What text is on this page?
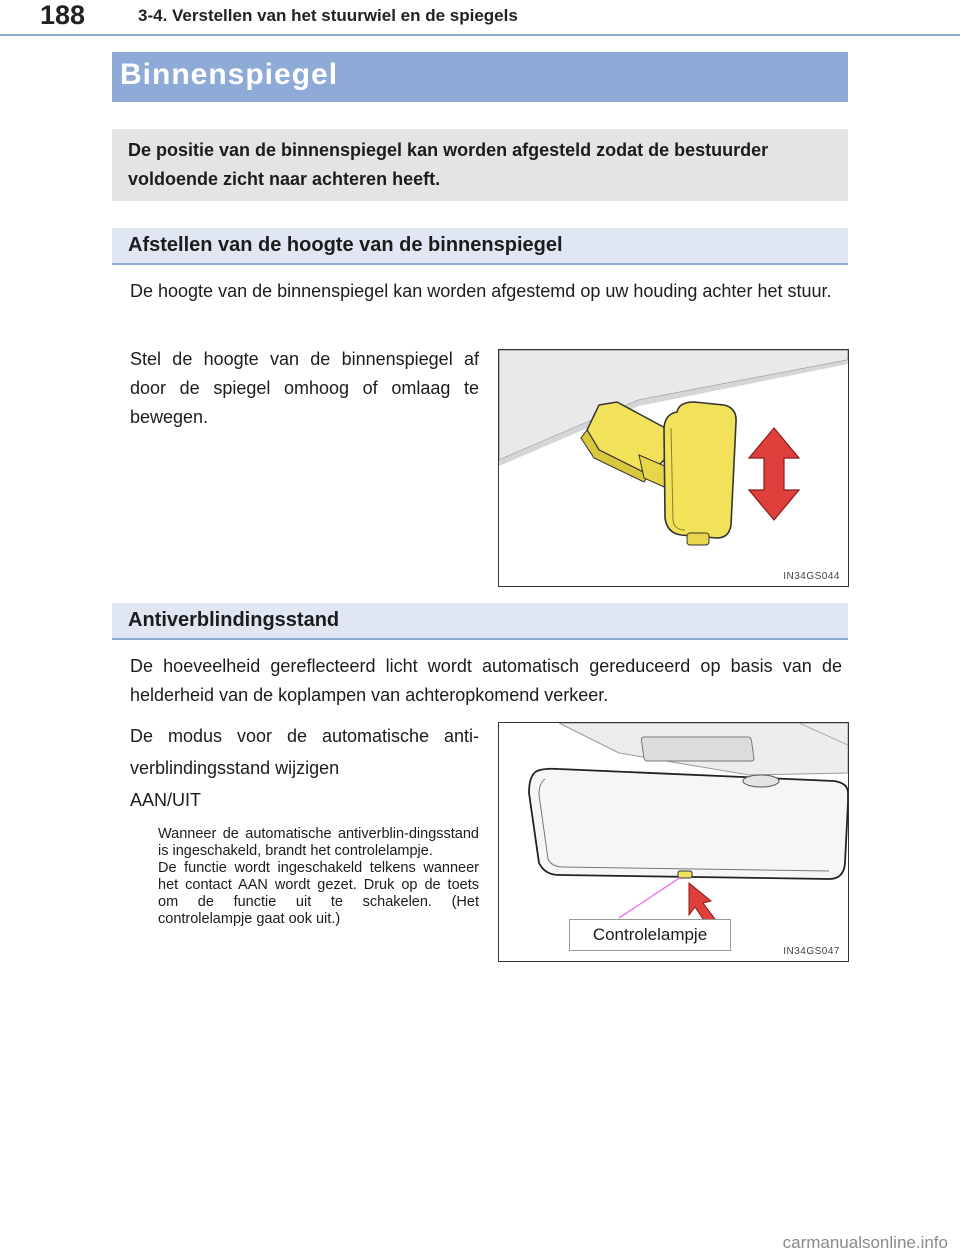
188	3-4. Verstellen van het stuurwiel en de spiegels
Binnenspiegel

De positie van de binnenspiegel kan worden afgesteld zodat de bestuurder voldoende zicht naar achteren heeft.

Afstellen van de hoogte van de binnenspiegel
De hoogte van de binnenspiegel kan worden afgestemd op uw houding achter het stuur.
Stel de hoogte van de binnenspiegel af door de spiegel omhoog of omlaag te bewegen.
IN34GS044
Antiverblindingsstand
De hoeveelheid gereflecteerd licht wordt automatisch gereduceerd op basis van de helderheid van de koplampen van achteropkomend verkeer.
De modus voor de automatische anti-verblindingsstand wijzigen
AAN/UIT
Wanneer de automatische antiverblin-dingsstand is ingeschakeld, brandt het controlelampje.
De functie wordt ingeschakeld telkens wanneer het contact AAN wordt gezet. Druk op de toets om de functie uit te schakelen. (Het controlelampje gaat ook uit.)
Controlelampje
IN34GS047
carmanualsonline.info
